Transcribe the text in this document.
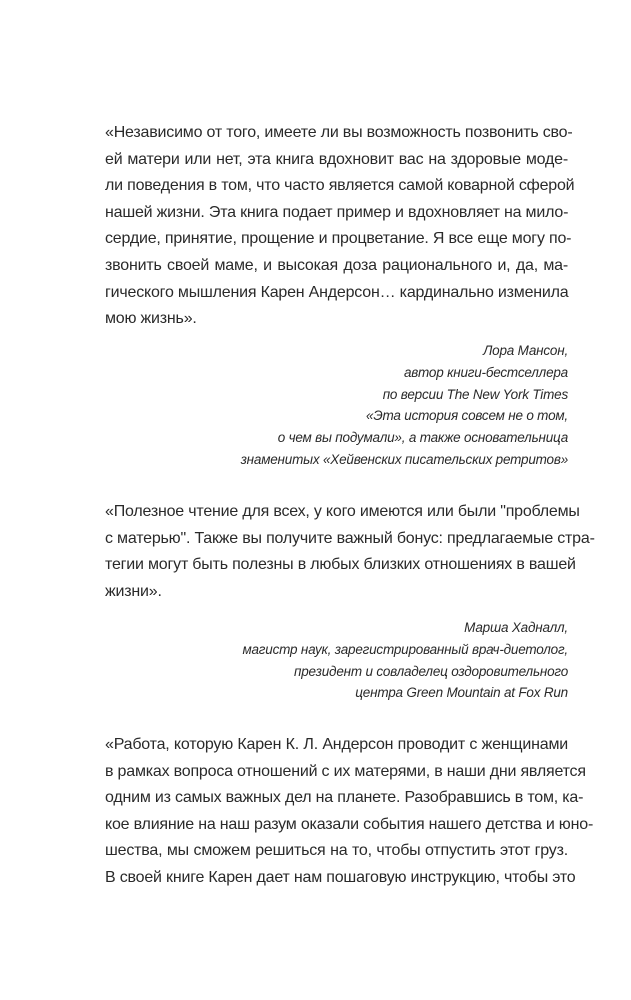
«Независимо от того, имеете ли вы возможность позвонить сво-
ей матери или нет, эта книга вдохновит вас на здоровые моде-
ли поведения в том, что часто является самой коварной сферой
нашей жизни. Эта книга подает пример и вдохновляет на мило-
сердие, принятие, прощение и процветание. Я все еще могу по-
звонить своей маме, и высокая доза рационального и, да, ма-
гического мышления Карен Андерсон… кардинально изменила
мою жизнь».
Лора Мансон,
автор книги-бестселлера
по версии The New York Times
«Эта история совсем не о том,
о чем вы подумали», а также основательница
знаменитых «Хейвенских писательских ретритов»
«Полезное чтение для всех, у кого имеются или были "проблемы
с матерью". Также вы получите важный бонус: предлагаемые стра-
тегии могут быть полезны в любых близких отношениях в вашей
жизни».
Марша Хадналл,
магистр наук, зарегистрированный врач-диетолог,
президент и совладелец оздоровительного
центра Green Mountain at Fox Run
«Работа, которую Карен К. Л. Андерсон проводит с женщинами
в рамках вопроса отношений с их матерями, в наши дни является
одним из самых важных дел на планете. Разобравшись в том, ка-
кое влияние на наш разум оказали события нашего детства и юно-
шества, мы сможем решиться на то, чтобы отпустить этот груз.
В своей книге Карен дает нам пошаговую инструкцию, чтобы это
